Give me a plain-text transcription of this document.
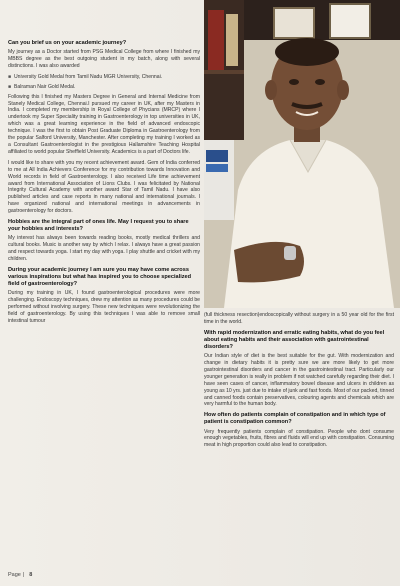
Can you brief us on your academic journey?
My journey as a Doctor started from PSG Medical College from where I finished my MBBS degree as the best outgoing student in my batch, along with several distinctions. I was also awarded
■ University Gold Medal from Tamil Nadu MGR University, Chennai.
■ Balraman Nair Gold Medal.
Following this I finished my Masters Degree in General and Internal Medicine from Stanely Medical College, Chennai.I pursued my career in UK, after my Masters in India. I completed my membership in Royal College of Phycians (MRCP) where I undertook my Super Speciality training in Gastroenterology in top universities in UK, which was a great learning experience in the field of advanced endoscopic technique. I was the first to obtain Post Graduate Diploma in Gastroenterology from the popular Salford University, Manchester. After completing my training I worked as a Consultant Gastroenterologist in the prestigious Hallamshire Teaching Hospital affiliated to world popular Sheffield University. Academics is a part of Doctors life.
I would like to share with you my recent achievement award. Gem of India conferred to me at All India Achievers Conference for my contribution towards Innovation and World records in field of Gastroenterology. I also received Life time achievement award from International Association of Lions Clubs. I was felicitated by National Integrity Cultural Academy with another award Star of Tamil Nadu. I have also published articles and case reports in many national and international journals. I have organized national and international meetings in advancements in gastroenterology for doctors.
Hobbies are the integral part of ones life. May I request you to share your hobbies and interests?
My interest has always been towards reading books, mostly medical thrillers and cultural books. Music is another way by which I relax. I always have a great passion and respect towards yoga. I start my day with yoga. I play shuttle and cricket with my children.
During your academic journey I am sure you may have come across various inspirations but what has inspired you to choose specialized field of gastroenterology?
During my training in UK, I found gastroenterological procedures were more challenging. Endoscopy techniques, drew my attention as many procedures could be performed without involving surgery. These new techniques were revolutionizing the field of gastroenterology. By using this techniques I was able to remove small intestinal tumour
(full thickness resection)endoscopically without surgery in a 50 year old for the first time in the world.
With rapid modernization and erratic eating habits, what do you feel about eating habits and their association with gastrointestinal disorders?
Our Indian style of diet is the best suitable for the gut. With modernization and change in dietary habits it is pretty sure we are more likely to get more gastrointestinal disorders and cancer in the gastrointestinal tract. Particularly our younger generation is really in problem if not watched carefully regarding their diet. I have seen cases of cancer, inflammatory bowel disease and ulcers in children as young as 10 yrs. just due to intake of junk and fast foods. Most of our packed, tinned and canned foods contain preservatives, colouring agents and chemicals which are very harmful to the human body.
How often do patients complain of constipation and in which type of patient is constipation common?
Very frequently patients complain of constipation. People who dont consume enough vegetables, fruits, fibres and fluids will end up with constipation. Consuming meat in high proportion could also lead to constipation.
Page | 8
